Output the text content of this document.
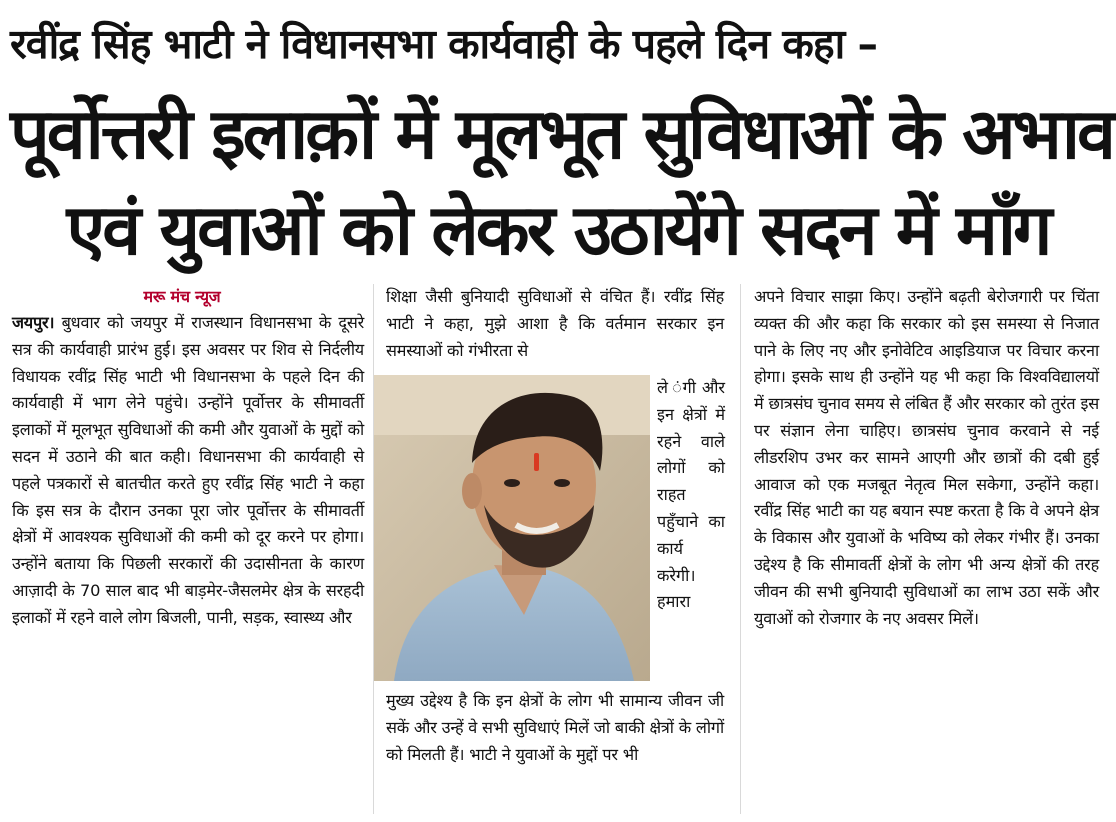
रवींद्र सिंह भाटी ने विधानसभा कार्यवाही के पहले दिन कहा –
पूर्वोत्तरी इलाक़ों में मूलभूत सुविधाओं के अभाव
एवं युवाओं को लेकर उठायेंगे सदन में माँग
मरू मंच न्यूज

जयपुर। बुधवार को जयपुर में राजस्थान विधानसभा के दूसरे सत्र की कार्यवाही प्रारंभ हुई। इस अवसर पर शिव से निर्दलीय विधायक रवींद्र सिंह भाटी भी विधानसभा के पहले दिन की कार्यवाही में भाग लेने पहुंचे। उन्होंने पूर्वोत्तर के सीमावर्ती इलाकों में मूलभूत सुविधाओं की कमी और युवाओं के मुद्दों को सदन में उठाने की बात कही। विधानसभा की कार्यवाही से पहले पत्रकारों से बातचीत करते हुए रवींद्र सिंह भाटी ने कहा कि इस सत्र के दौरान उनका पूरा जोर पूर्वोत्तर के सीमावर्ती क्षेत्रों में आवश्यक सुविधाओं की कमी को दूर करने पर होगा। उन्होंने बताया कि पिछली सरकारों की उदासीनता के कारण आज़ादी के 70 साल बाद भी बाड़मेर-जैसलमेर क्षेत्र के सरहदी इलाकों में रहने वाले लोग बिजली, पानी, सड़क, स्वास्थ्य और

शिक्षा जैसी बुनियादी सुविधाओं से वंचित हैं। रवींद्र सिंह भाटी ने कहा, मुझे आशा है कि वर्तमान सरकार इन समस्याओं को गंभीरता से

ले ंगी और इन क्षेत्रों में रहने वाले लोगों को राहत पहुँचाने का कार्य करेगी। हमारा

मुख्य उद्देश्य है कि इन क्षेत्रों के लोग भी सामान्य जीवन जी सकें और उन्हें वे सभी सुविधाएं मिलें जो बाकी क्षेत्रों के लोगों को मिलती हैं। भाटी ने युवाओं के मुद्दों पर भी

अपने विचार साझा किए। उन्होंने बढ़ती बेरोजगारी पर चिंता व्यक्त की और कहा कि सरकार को इस समस्या से निजात पाने के लिए नए और इनोवेटिव आइडियाज पर विचार करना होगा। इसके साथ ही उन्होंने यह भी कहा कि विश्वविद्यालयों में छात्रसंघ चुनाव समय से लंबित हैं और सरकार को तुरंत इस पर संज्ञान लेना चाहिए। छात्रसंघ चुनाव करवाने से नई लीडरशिप उभर कर सामने आएगी और छात्रों की दबी हुई आवाज को एक मजबूत नेतृत्व मिल सकेगा, उन्होंने कहा। रवींद्र सिंह भाटी का यह बयान स्पष्ट करता है कि वे अपने क्षेत्र के विकास और युवाओं के भविष्य को लेकर गंभीर हैं। उनका उद्देश्य है कि सीमावर्ती क्षेत्रों के लोग भी अन्य क्षेत्रों की तरह जीवन की सभी बुनियादी सुविधाओं का लाभ उठा सकें और युवाओं को रोजगार के नए अवसर मिलें।
